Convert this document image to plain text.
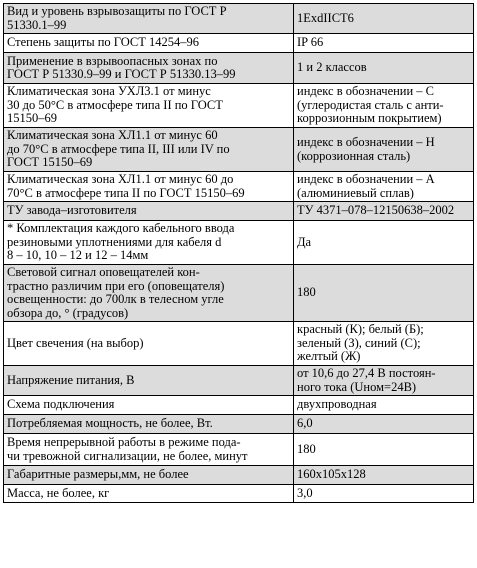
Вид и уровень взрывозащиты по ГОСТ Р
51330.1–99	1ExdIICT6

Степень защиты по ГОСТ 14254–96	IP 66

Применение в взрывоопасных зонах по
ГОСТ Р 51330.9–99 и ГОСТ Р 51330.13–99	1 и 2 классов

Климатическая зона УХЛ3.1 от минус
30 до 50°С в атмосфере типа II по ГОСТ
15150–69	индекс в обозначении – С
(углеродистая сталь с анти-
коррозионным покрытием)

Климатическая зона ХЛ1.1 от минус 60
до 70°С в атмосфере типа II, III или IV по
ГОСТ 15150–69	индекс в обозначении – Н
(коррозионная сталь)

Климатическая зона ХЛ1.1 от минус 60 до
70°С в атмосфере типа II по ГОСТ 15150–69	индекс в обозначении – А
(алюминиевый сплав)

ТУ завода–изготовителя	ТУ 4371–078–12150638–2002

* Комплектация каждого кабельного ввода
резиновыми уплотнениями для кабеля d
8 – 10, 10 – 12 и 12 – 14мм	Да

Световой сигнал оповещателей кон-
трастно различим при его (оповещателя)
освещенности: до 700лк в телесном угле
обзора до, ° (градусов)	180

Цвет свечения (на выбор)	красный (К); белый (Б);
зеленый (З), синий (С);
желтый (Ж)

Напряжение питания, В	от 10,6 до 27,4 В постоян-
ного тока (Uном=24В)

Схема подключения	двухпроводная

Потребляемая мощность, не более, Вт.	6,0

Время непрерывной работы в режиме пода-
чи тревожной сигнализации, не более, минут	180

Габаритные размеры,мм, не более	160х105х128

Масса, не более, кг	3,0
